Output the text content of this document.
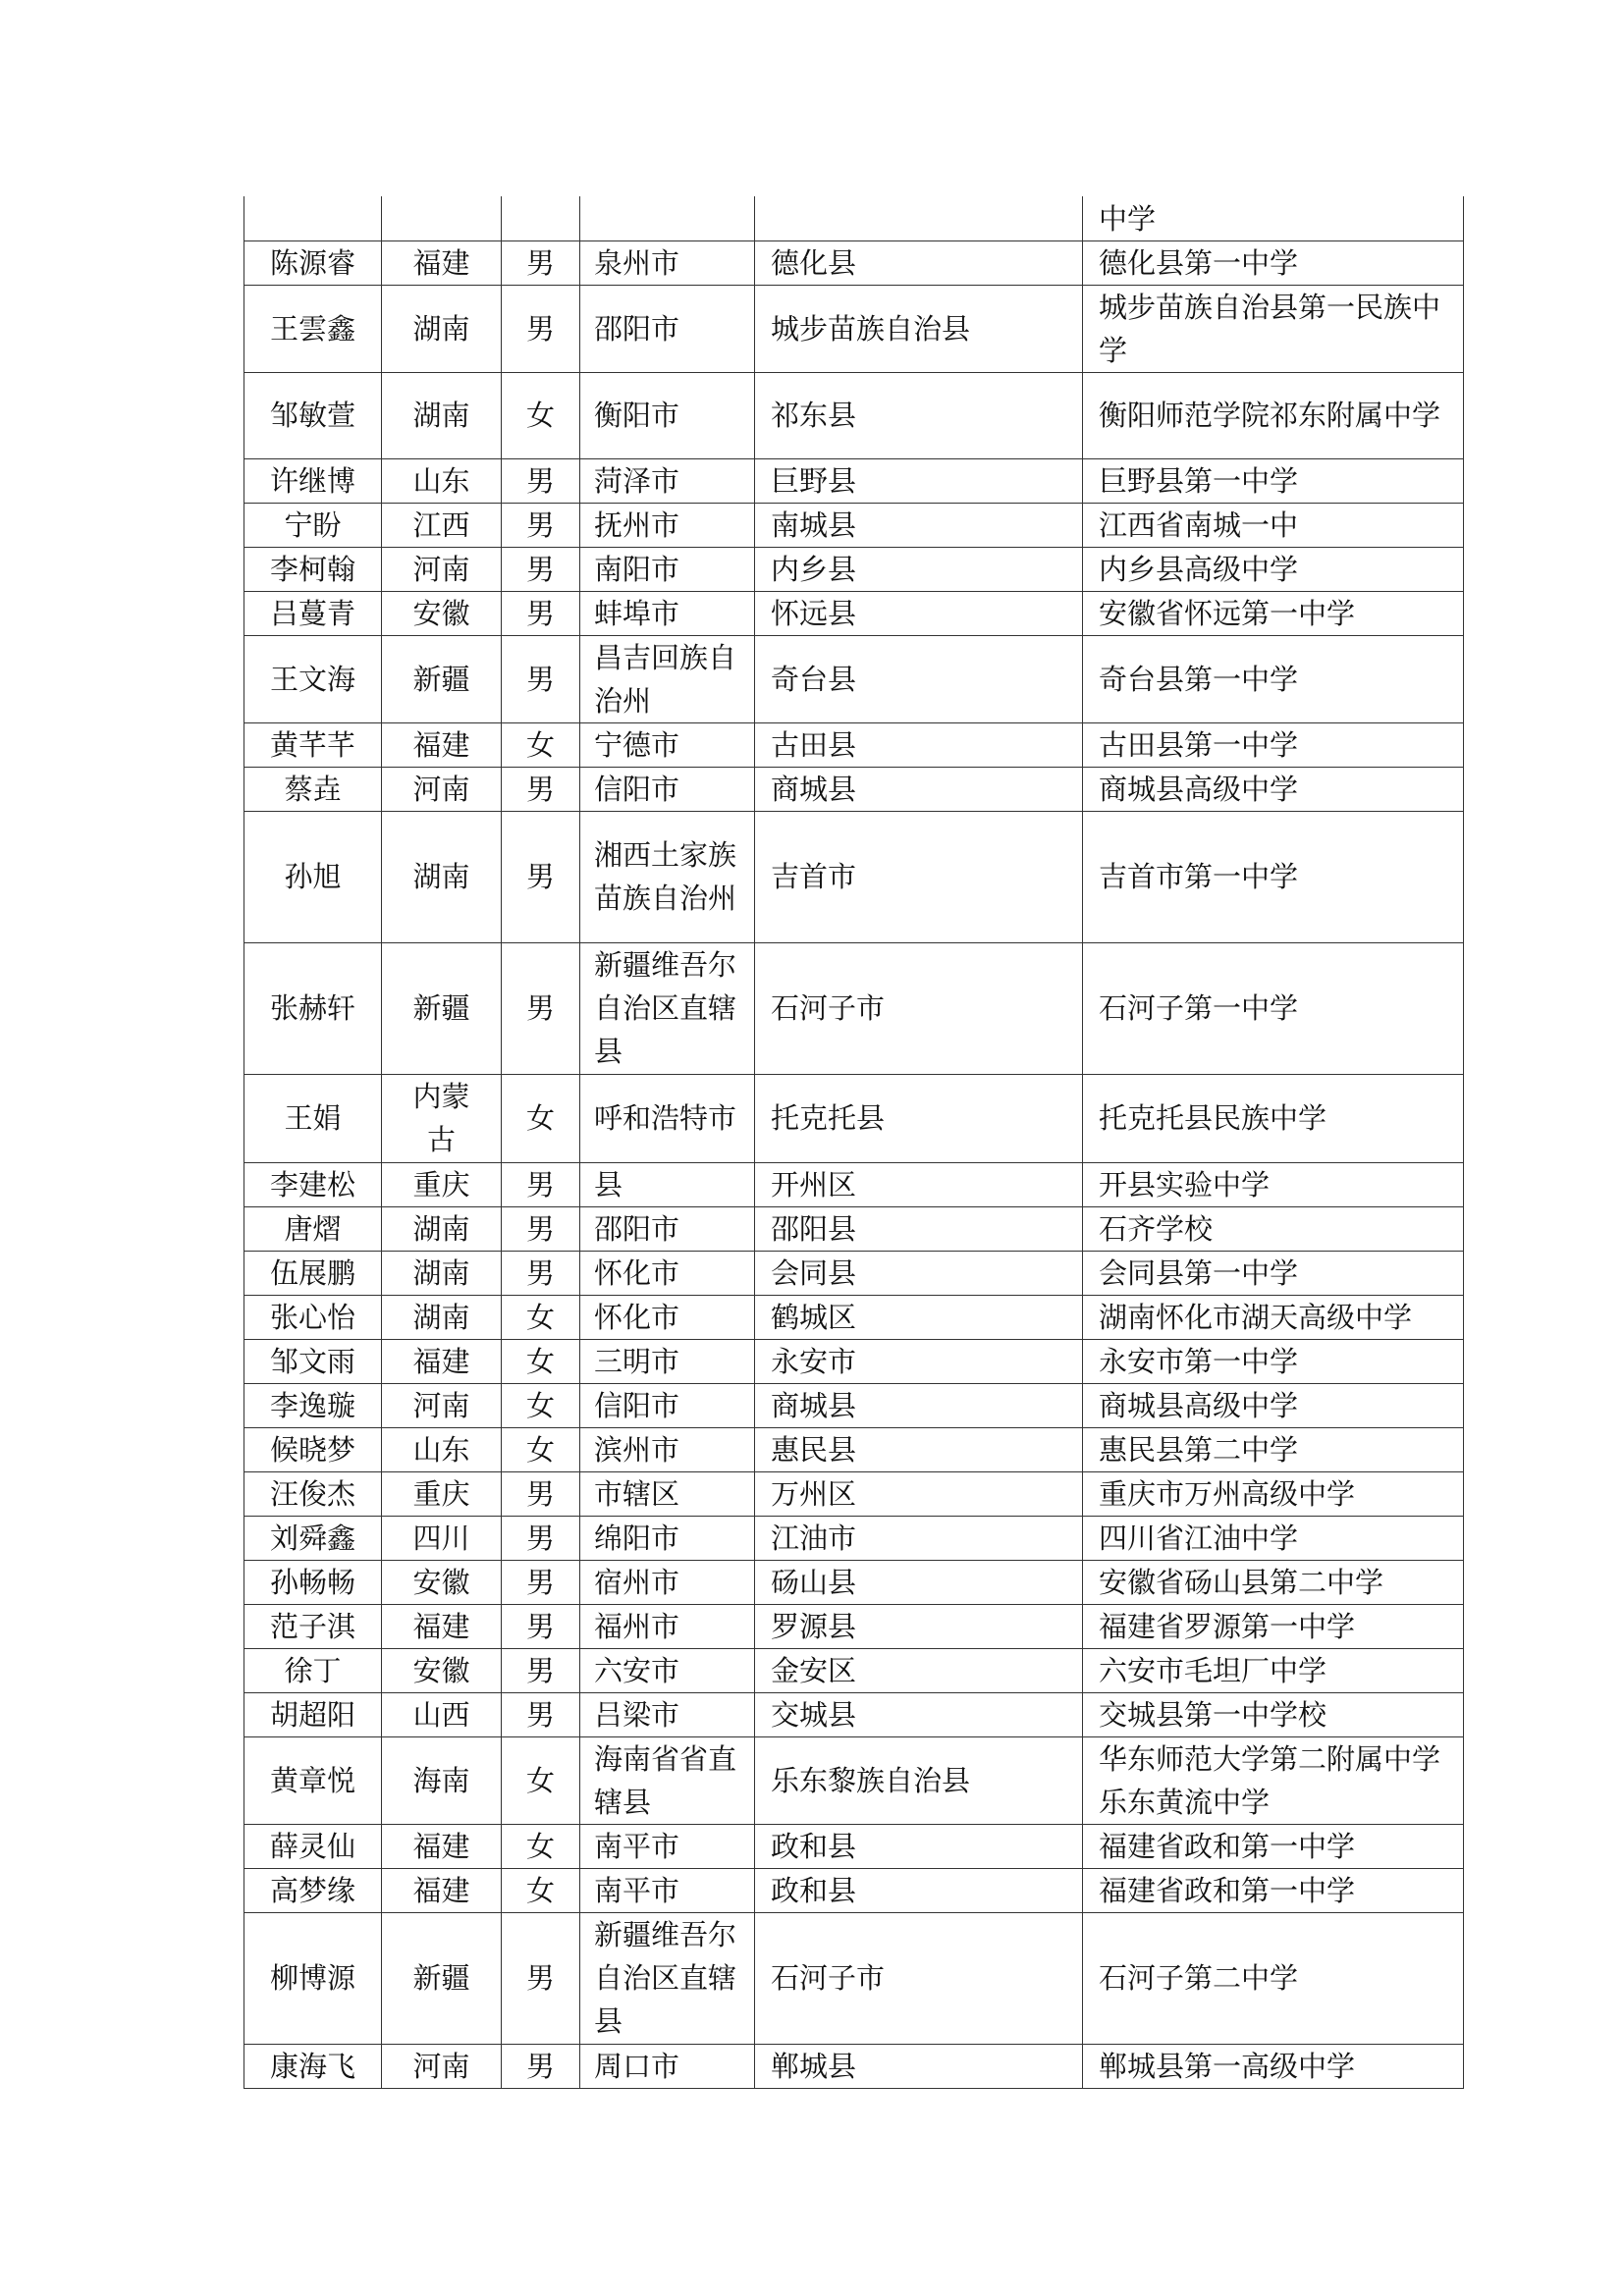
					中学
陈源睿	福建	男	泉州市	德化县	德化县第一中学
王雲鑫	湖南	男	邵阳市	城步苗族自治县	城步苗族自治县第一民族中学
邹敏萱	湖南	女	衡阳市	祁东县	衡阳师范学院祁东附属中学
许继博	山东	男	菏泽市	巨野县	巨野县第一中学
宁盼	江西	男	抚州市	南城县	江西省南城一中
李柯翰	河南	男	南阳市	内乡县	内乡县高级中学
吕蔓青	安徽	男	蚌埠市	怀远县	安徽省怀远第一中学
王文海	新疆	男	昌吉回族自治州	奇台县	奇台县第一中学
黄芊芊	福建	女	宁德市	古田县	古田县第一中学
蔡垚	河南	男	信阳市	商城县	商城县高级中学
孙旭	湖南	男	湘西土家族苗族自治州	吉首市	吉首市第一中学
张赫轩	新疆	男	新疆维吾尔自治区直辖县	石河子市	石河子第一中学
王娟	内蒙古	女	呼和浩特市	托克托县	托克托县民族中学
李建松	重庆	男	县	开州区	开县实验中学
唐熠	湖南	男	邵阳市	邵阳县	石齐学校
伍展鹏	湖南	男	怀化市	会同县	会同县第一中学
张心怡	湖南	女	怀化市	鹤城区	湖南怀化市湖天高级中学
邹文雨	福建	女	三明市	永安市	永安市第一中学
李逸璇	河南	女	信阳市	商城县	商城县高级中学
候晓梦	山东	女	滨州市	惠民县	惠民县第二中学
汪俊杰	重庆	男	市辖区	万州区	重庆市万州高级中学
刘舜鑫	四川	男	绵阳市	江油市	四川省江油中学
孙畅畅	安徽	男	宿州市	砀山县	安徽省砀山县第二中学
范子淇	福建	男	福州市	罗源县	福建省罗源第一中学
徐丁	安徽	男	六安市	金安区	六安市毛坦厂中学
胡超阳	山西	男	吕梁市	交城县	交城县第一中学校
黄章悦	海南	女	海南省省直辖县	乐东黎族自治县	华东师范大学第二附属中学乐东黄流中学
薛灵仙	福建	女	南平市	政和县	福建省政和第一中学
高梦缘	福建	女	南平市	政和县	福建省政和第一中学
柳博源	新疆	男	新疆维吾尔自治区直辖县	石河子市	石河子第二中学
康海飞	河南	男	周口市	郸城县	郸城县第一高级中学
